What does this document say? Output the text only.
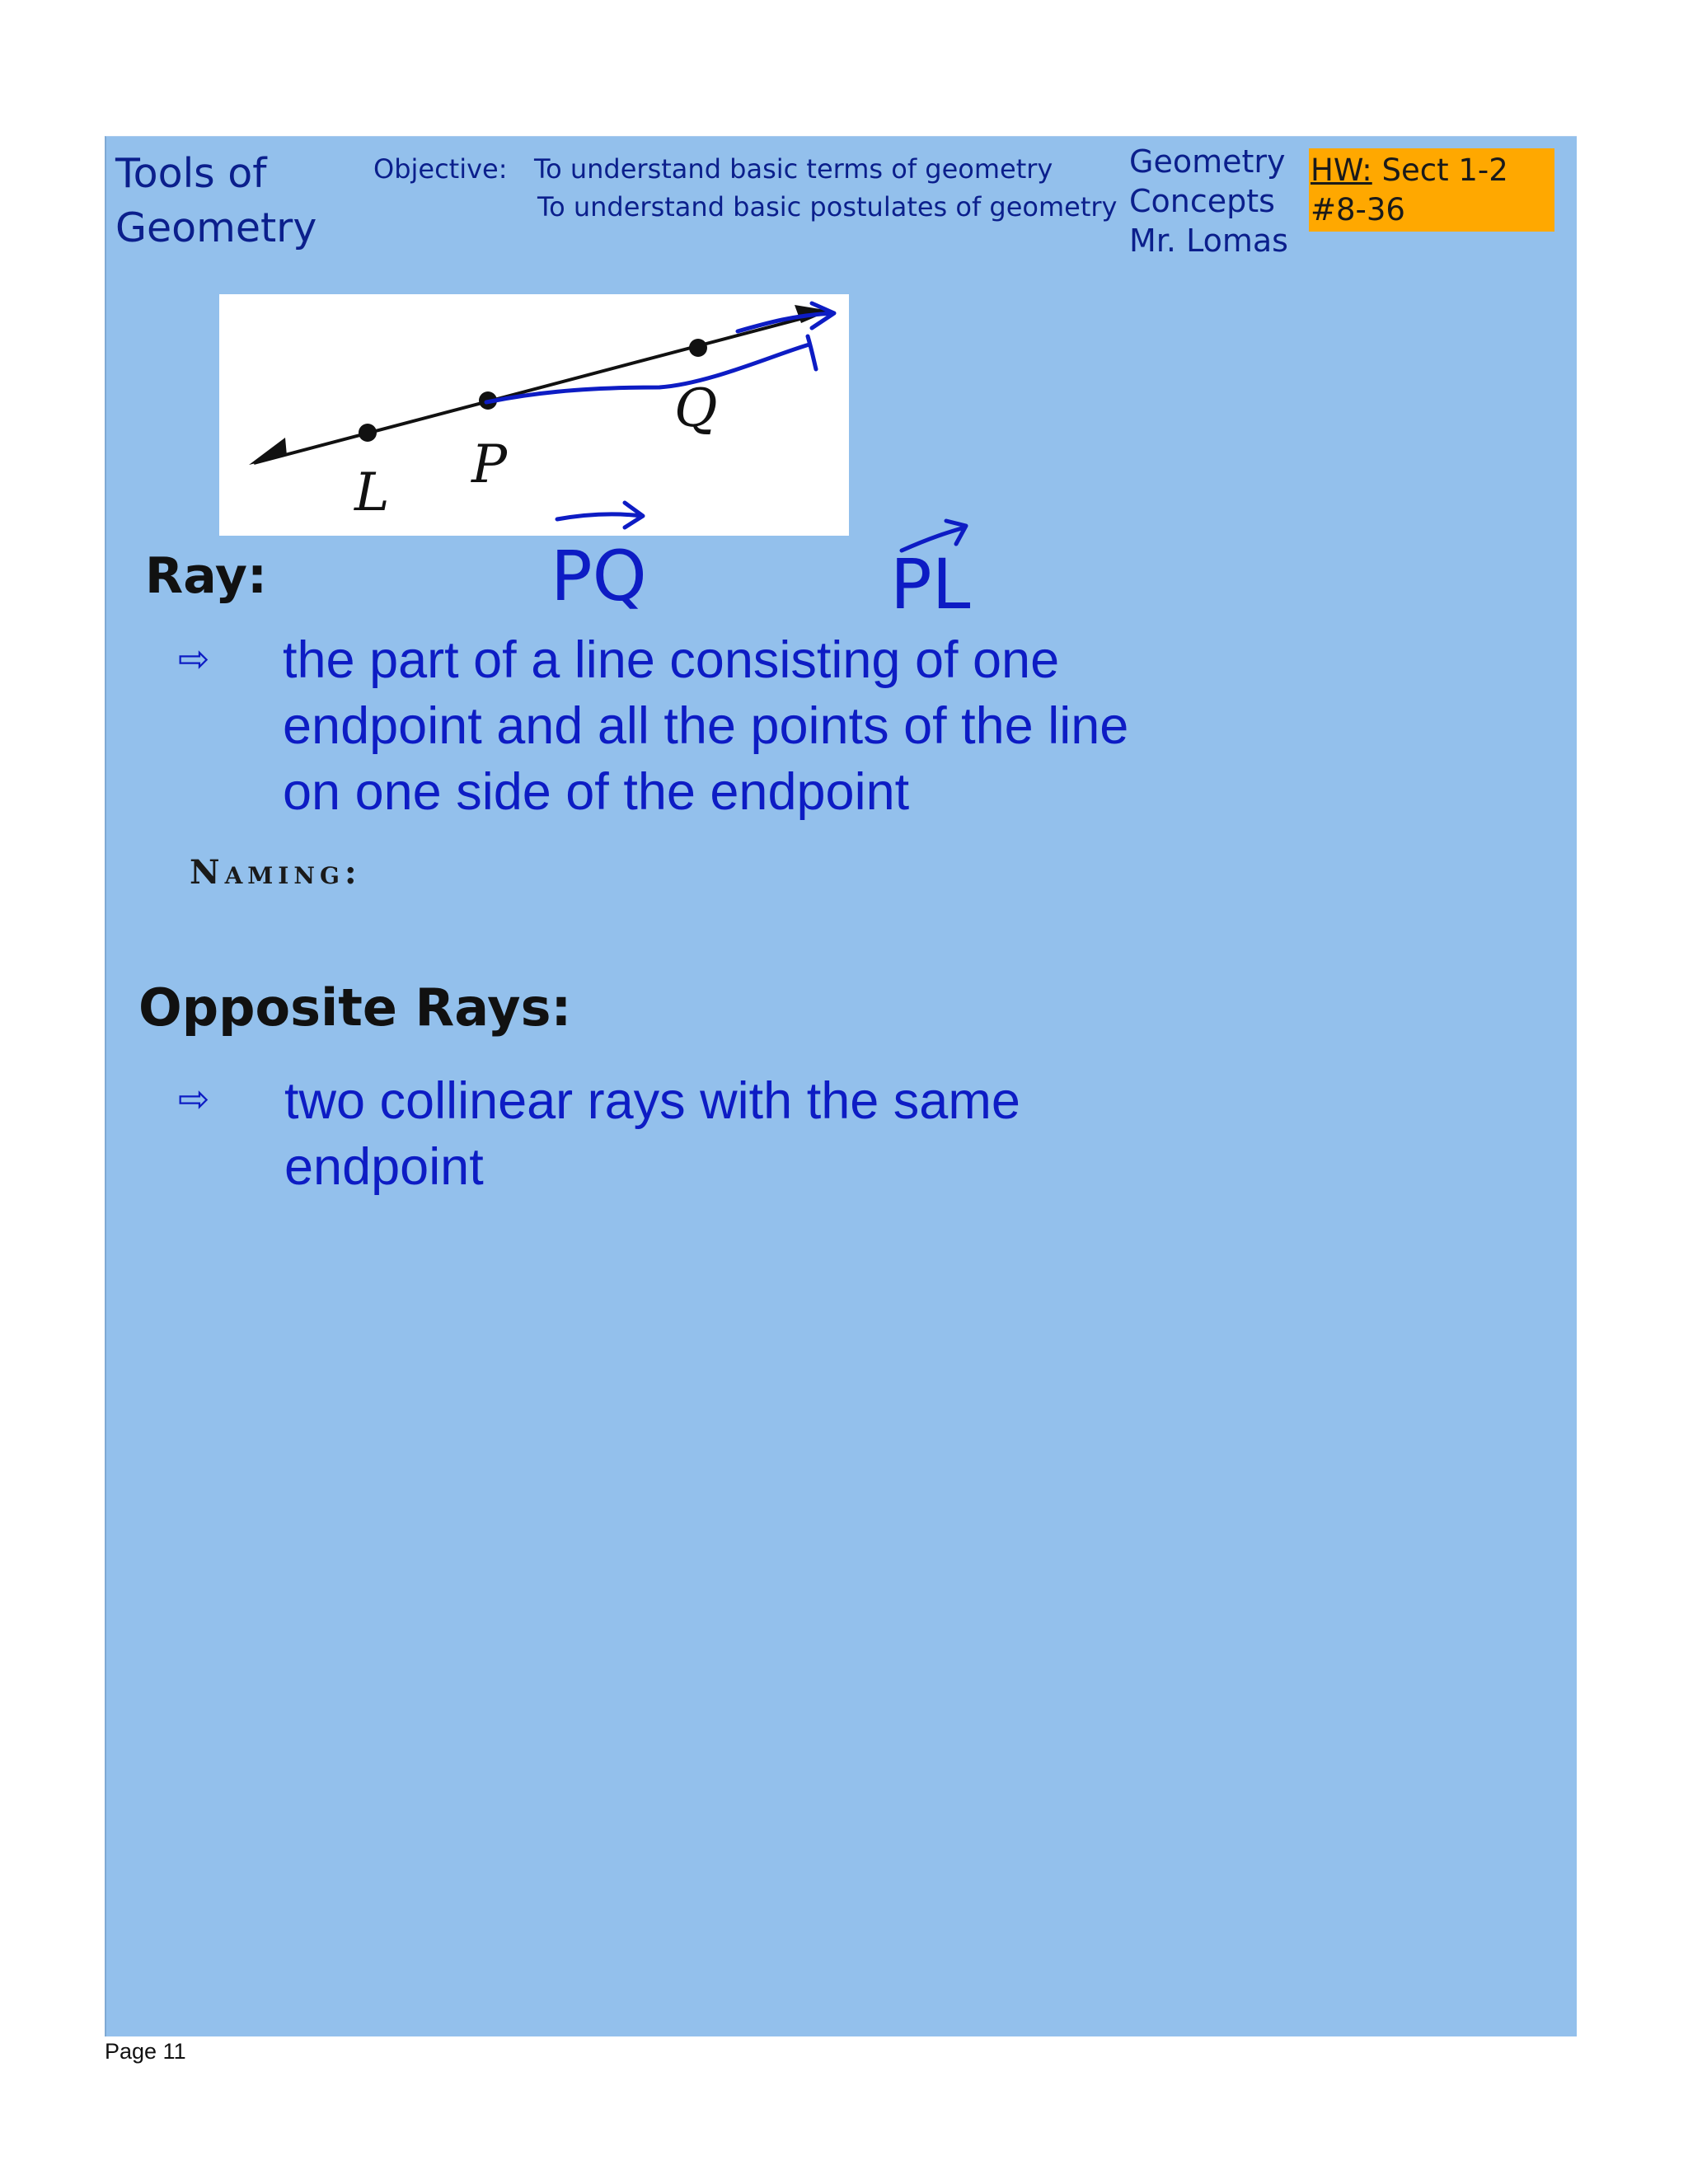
Tools of Geometry
Objective: To understand basic terms of geometry
To understand basic postulates of geometry
Geometry
Concepts
Mr. Lomas
HW: Sect 1-2
#8-36
L P
Q
PQ	PL
Ray:
⇨ the part of a line consisting of one endpoint and all the points of the line on one side of the endpoint
Naming:
Opposite Rays:
⇨ two collinear rays with the same endpoint
Page 11
